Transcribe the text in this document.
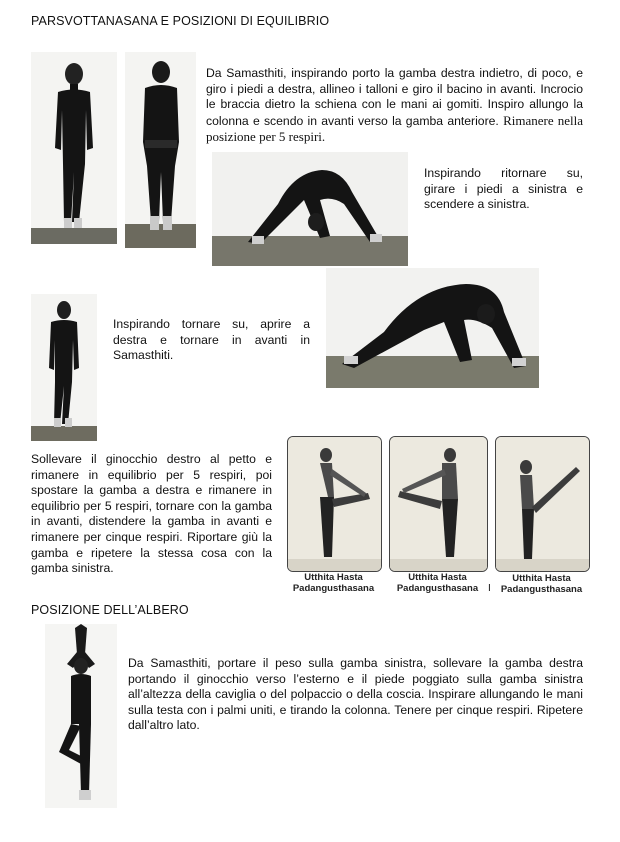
PARSVOTTANASANA E POSIZIONI DI EQUILIBRIO
Da Samasthiti, inspirando porto la gamba destra indietro, di poco, e giro i piedi a destra, allineo i talloni e giro il bacino in avanti. Incrocio le braccia dietro la schiena con le mani ai gomiti. Inspiro allungo la colonna e scendo in avanti verso la gamba anteriore. Rimanere nella posizione per 5 respiri.
Inspirando ritornare su, girare i piedi a sinistra e scendere a sinistra.
Inspirando tornare su, aprire a destra e tornare in avanti in Samasthiti.
Sollevare il ginocchio destro al petto e rimanere in equilibrio per 5 respiri, poi spostare la gamba a destra e rimanere in equilibrio per 5 respiri, tornare con la gamba in avanti, distendere la gamba in avanti e rimanere per cinque respiri. Riportare giù la gamba e ripetere la stessa cosa con la gamba sinistra.
Utthita Hasta
Padangusthasana
Utthita Hasta
Padangusthasana I
Utthita Hasta
Padangusthasana
POSIZIONE DELL’ALBERO
Da Samasthiti, portare il peso sulla gamba sinistra, sollevare la gamba destra portando il ginocchio verso l’esterno e il piede poggiato sulla gamba sinistra all’altezza della caviglia o del polpaccio o della coscia. Inspirare allungando le mani sulla testa con i palmi uniti, e tirando la colonna. Tenere per cinque respiri. Ripetere dall’altro lato.
